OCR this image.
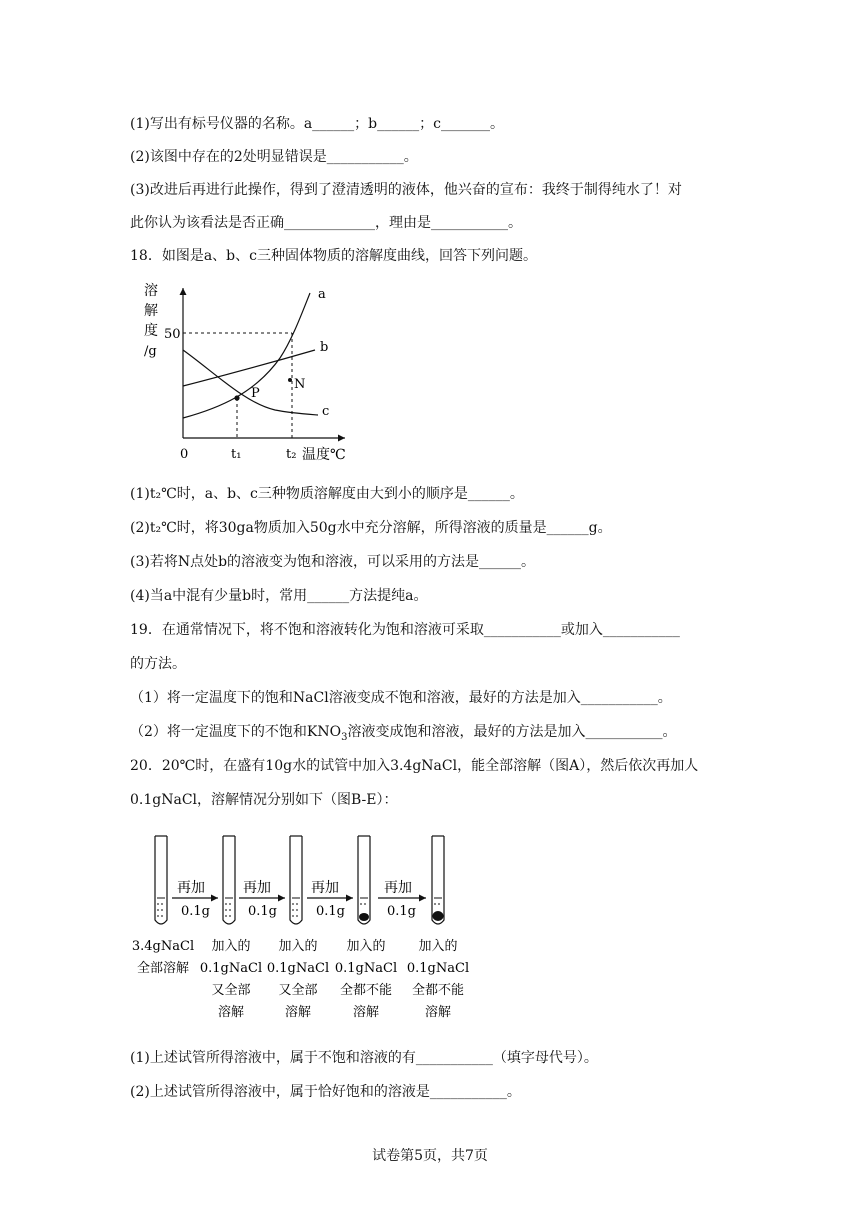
(1)写出有标号仪器的名称。a______；b______；c_______。
(2)该图中存在的2处明显错误是___________。
(3)改进后再进行此操作，得到了澄清透明的液体，他兴奋的宣布：我终于制得纯水了！对
此你认为该看法是否正确_____________，理由是___________。
18．如图是a、b、c三种固体物质的溶解度曲线，回答下列问题。
溶
解
度
/g
50
a
b
c
P
N
0	t₁	t₂ 温度℃
(1)t₂℃时，a、b、c三种物质溶解度由大到小的顺序是______。
(2)t₂℃时，将30ga物质加入50g水中充分溶解，所得溶液的质量是______g。
(3)若将N点处b的溶液变为饱和溶液，可以采用的方法是______。
(4)当a中混有少量b时，常用______方法提纯a。
19．在通常情况下，将不饱和溶液转化为饱和溶液可采取___________或加入___________
的方法。
（1）将一定温度下的饱和NaCl溶液变成不饱和溶液，最好的方法是加入___________。
（2）将一定温度下的不饱和$KNO_3$溶液变成饱和溶液，最好的方法是加入___________。
20．20℃时，在盛有10g水的试管中加入3.4gNaCl，能全部溶解（图A），然后依次再加人
0.1gNaCl，溶解情况分别如下（图B-E）：
再加
0.1g
再加
0.1g
再加
0.1g
再加
0.1g
3.4gNaCl
全部溶解
加入的
0.1gNaCl
又全部
溶解
加入的
0.1gNaCl
又全部
溶解
加入的
0.1gNaCl
全都不能
溶解
加入的
0.1gNaCl
全都不能
溶解
(1)上述试管所得溶液中，属于不饱和溶液的有___________（填字母代号）。
(2)上述试管所得溶液中，属于恰好饱和的溶液是___________。
试卷第5页，共7页
